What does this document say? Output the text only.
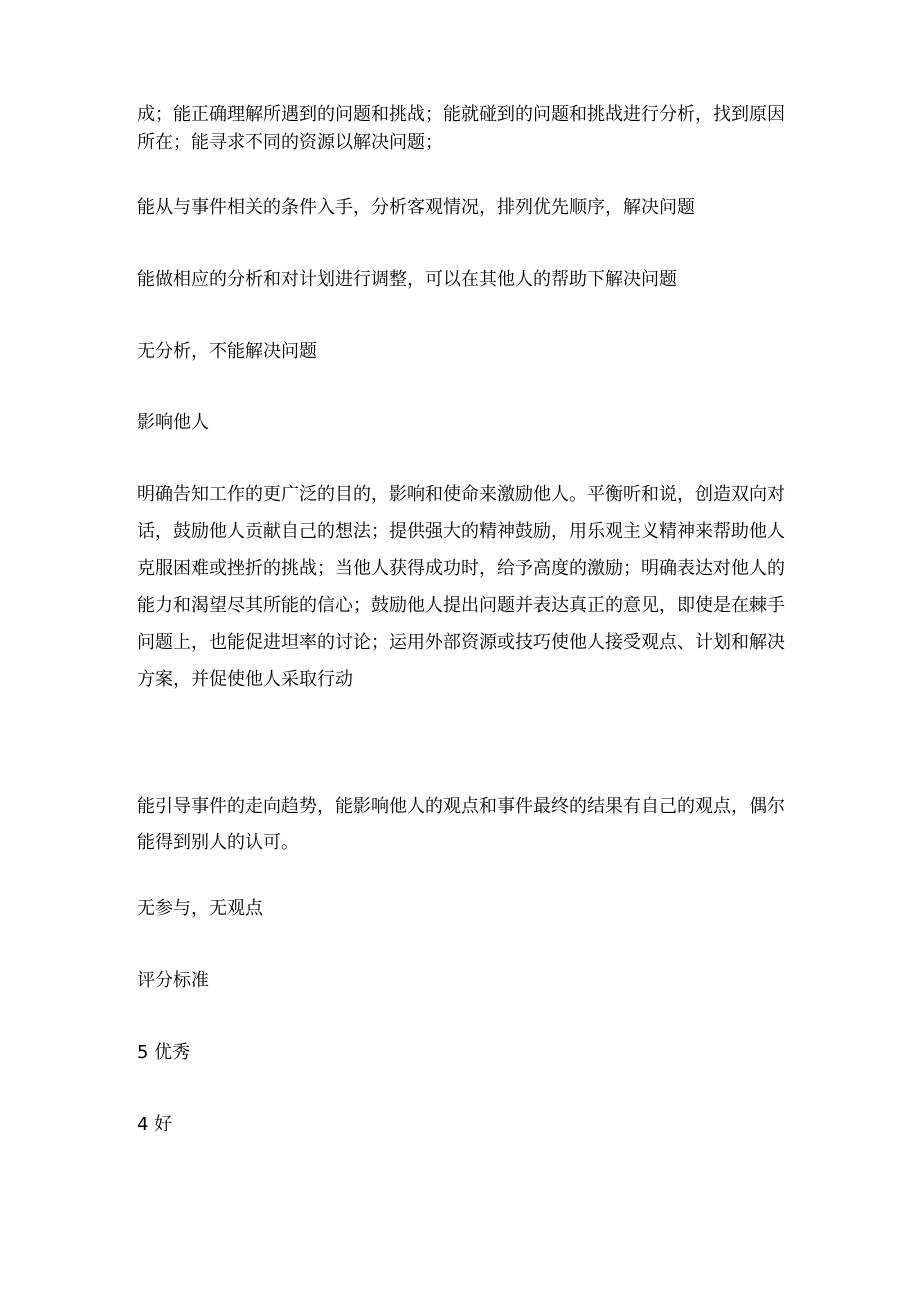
成；能正确理解所遇到的问题和挑战；能就碰到的问题和挑战进行分析，找到原因所在；能寻求不同的资源以解决问题；

能从与事件相关的条件入手，分析客观情况，排列优先顺序，解决问题

能做相应的分析和对计划进行调整，可以在其他人的帮助下解决问题

无分析，不能解决问题

影响他人

明确告知工作的更广泛的目的，影响和使命来激励他人。平衡听和说，创造双向对话，鼓励他人贡献自己的想法；提供强大的精神鼓励，用乐观主义精神来帮助他人克服困难或挫折的挑战；当他人获得成功时，给予高度的激励；明确表达对他人的能力和渴望尽其所能的信心；鼓励他人提出问题并表达真正的意见，即使是在棘手问题上，也能促进坦率的讨论；运用外部资源或技巧使他人接受观点、计划和解决方案，并促使他人采取行动

能引导事件的走向趋势，能影响他人的观点和事件最终的结果有自己的观点，偶尔能得到别人的认可。

无参与，无观点

评分标准

5 优秀

4 好
